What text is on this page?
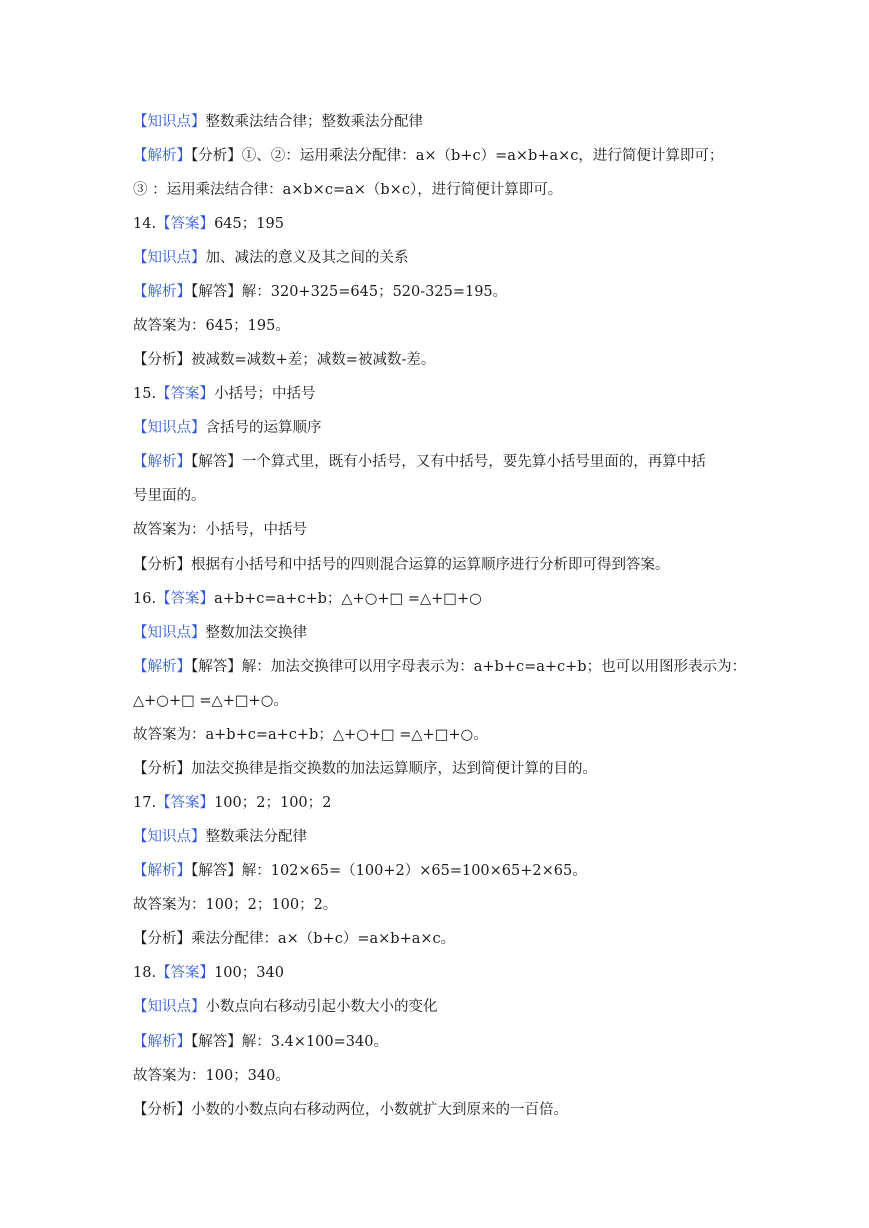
【知识点】整数乘法结合律；整数乘法分配律
【解析】【分析】①、②：运用乘法分配律：a×（b+c）=a×b+a×c，进行简便计算即可；
③ ：运用乘法结合律：a×b×c=a×（b×c），进行简便计算即可。
14.【答案】645；195
【知识点】加、减法的意义及其之间的关系
【解析】【解答】解：320+325=645；520-325=195。
故答案为：645；195。
【分析】被减数=减数+差；减数=被减数-差。
15.【答案】小括号；中括号
【知识点】含括号的运算顺序
【解析】【解答】一个算式里，既有小括号，又有中括号，要先算小括号里面的，再算中括
号里面的。
故答案为：小括号，中括号
【分析】根据有小括号和中括号的四则混合运算的运算顺序进行分析即可得到答案。
16.【答案】a+b+c=a+c+b；△+○+□ =△+□+○
【知识点】整数加法交换律
【解析】【解答】解：加法交换律可以用字母表示为：a+b+c=a+c+b；也可以用图形表示为：
△+○+□ =△+□+○。
故答案为：a+b+c=a+c+b；△+○+□ =△+□+○。
【分析】加法交换律是指交换数的加法运算顺序，达到简便计算的目的。
17.【答案】100；2；100；2
【知识点】整数乘法分配律
【解析】【解答】解：102×65=（100+2）×65=100×65+2×65。
故答案为：100；2；100；2。
【分析】乘法分配律：a×（b+c）=a×b+a×c。
18.【答案】100；340
【知识点】小数点向右移动引起小数大小的变化
【解析】【解答】解：3.4×100=340。
故答案为：100；340。
【分析】小数的小数点向右移动两位，小数就扩大到原来的一百倍。
